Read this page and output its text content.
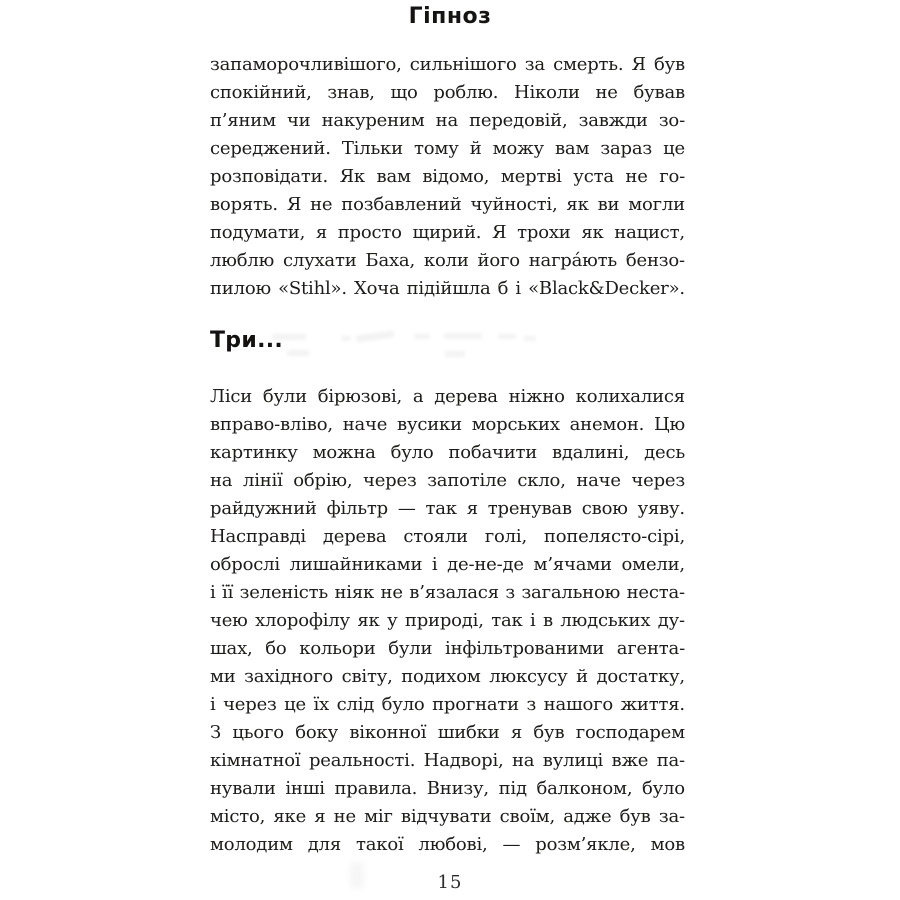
Гіпноз
запаморочливішого, сильнішого за смерть. Я був
спокійний, знав, що роблю. Ніколи не бував
п’яним чи накуреним на передовій, завжди зо-
середжений. Тільки тому й можу вам зараз це
розповідати. Як вам відомо, мертві уста не го-
ворять. Я не позбавлений чуйності, як ви могли
подумати, я просто щирий. Я трохи як нацист,
люблю слухати Баха, коли його награ́ють бензо-
пилою «Stihl». Хоча підійшла б і «Black&Decker».
Три...
Ліси були бірюзові, а дерева ніжно колихалися
вправо-вліво, наче вусики морських анемон. Цю
картинку можна було побачити вдалині, десь
на лінії обрію, через запотіле скло, наче через
райдужний фільтр — так я тренував свою уяву.
Насправді дерева стояли голі, попелясто-сірі,
оброслі лишайниками і де-не-де м’ячами омели,
і її зеленість ніяк не в’язалася з загальною неста-
чею хлорофілу як у природі, так і в людських ду-
шах, бо кольори були інфільтрованими агента-
ми західного світу, подихом люксусу й достатку,
і через це їх слід було прогнати з нашого життя.
З цього боку віконної шибки я був господарем
кімнатної реальності. Надворі, на вулиці вже па-
нували інші правила. Внизу, під балконом, було
місто, яке я не міг відчувати своїм, адже був за-
молодим для такої любові, — розм’якле, мов
15
